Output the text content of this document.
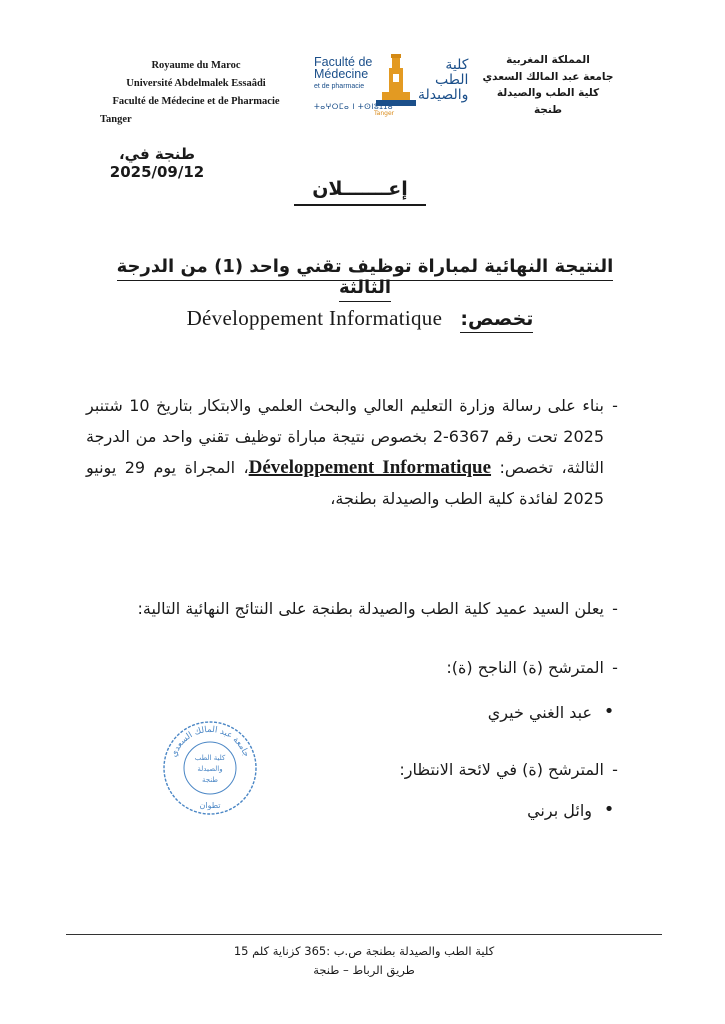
Royaume du Maroc
Université Abdelmalek Essaâdi
Faculté de Médecine et de Pharmacie
Tanger
Faculté de
Médecine
et de pharmacie
كلية الطب
والصيدلة
ⵜⴰⵖⵔⵎⴰ ⵏ ⵜⵙⵏⵓⵊⵊⴰ
Tanger
المملكة المغربية
جامعة عبد المالك السعدي
كلية الطب والصيدلة
طنجة
طنجة في، 2025/09/12
إعـــــــلان
النتيجة النهائية لمباراة توظيف تقني واحد (1) من الدرجة الثالثة
تخصص:   Développement Informatique
-
بناء على رسالة وزارة التعليم العالي والبحث العلمي والابتكار بتاريخ 10 شتنبر 2025 تحت رقم 6367-2 بخصوص نتيجة مباراة توظيف تقني واحد من الدرجة الثالثة، تخصص: Développement Informatique، المجراة يوم 29 يونيو 2025 لفائدة كلية الطب والصيدلة بطنجة،
-
يعلن السيد عميد كلية الطب والصيدلة بطنجة على النتائج النهائية التالية:
-
المترشح (ة) الناجح (ة):
•
عبد الغني خيري
-
المترشح (ة) في لائحة الانتظار:
•
وائل برني
جامعة عبد المالك السعدي
كلية الطب
والصيدلة
طنجة
تطوان
كلية الطب والصيدلة بطنجة ص.ب :365 كزناية كلم 15
طريق الرباط – طنجة
